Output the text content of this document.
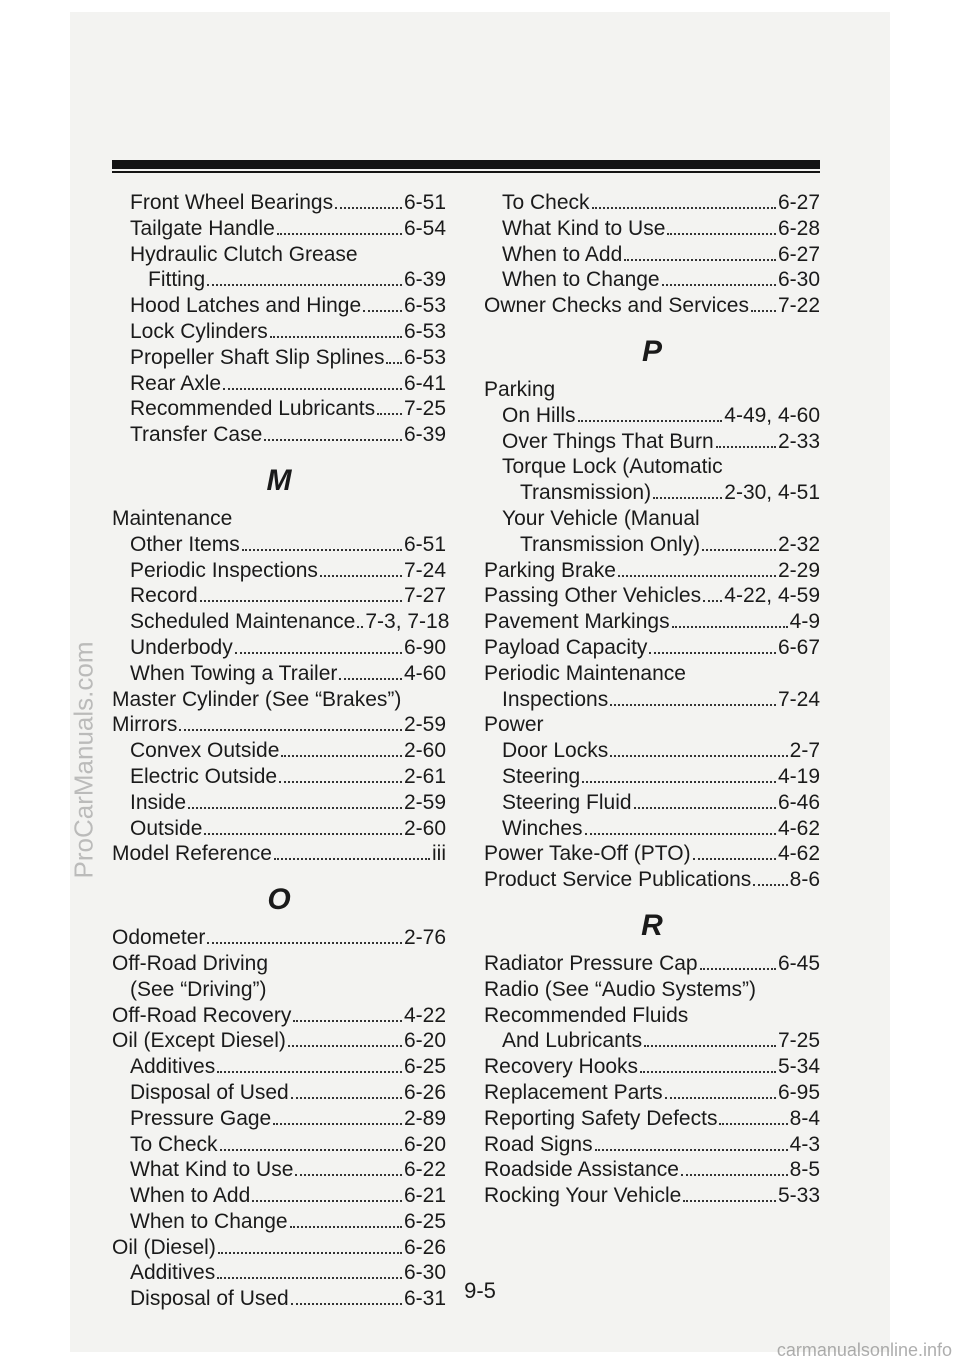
Front Wheel Bearings	6-51
Tailgate Handle	6-54
Hydraulic Clutch Grease
Fitting	6-39
Hood Latches and Hinge 6-53
Lock Cylinders	6-53
Propeller Shaft Slip Splines 6-53
Rear Axle	6-41
Recommended Lubricants 7-25
Transfer Case	6-39
M
Maintenance
Other Items	6-51
Periodic Inspections	7-24
Record	7-27
Scheduled Maintenance 7-3, 7-18
Underbody	6-90
When Towing a Trailer	4-60
Master Cylinder (See “Brakes”)
Mirrors	2-59
Convex Outside	2-60
Electric Outside	2-61
Inside	2-59
Outside	2-60
Model Reference	iii
O
Odometer	2-76
Off-Road Driving
(See “Driving”)
Off-Road Recovery	4-22
Oil (Except Diesel)	6-20
Additives	6-25
Disposal of Used	6-26
Pressure Gage	2-89
To Check	6-20
What Kind to Use	6-22
When to Add	6-21
When to Change	6-25
Oil (Diesel)	6-26
Additives	6-30
Disposal of Used	6-31
To Check	6-27
What Kind to Use	6-28
When to Add	6-27
When to Change	6-30
Owner Checks and Services 7-22
P
Parking
On Hills	4-49, 4-60
Over Things That Burn	2-33
Torque Lock (Automatic
Transmission)	2-30, 4-51
Your Vehicle (Manual
Transmission Only)	2-32
Parking Brake	2-29
Passing Other Vehicles 4-22, 4-59
Pavement Markings	4-9
Payload Capacity	6-67
Periodic Maintenance
Inspections	7-24
Power
Door Locks	2-7
Steering	4-19
Steering Fluid	6-46
Winches	4-62
Power Take-Off (PTO)	4-62
Product Service Publications 8-6
R
Radiator Pressure Cap	6-45
Radio (See “Audio Systems”)
Recommended Fluids
And Lubricants	7-25
Recovery Hooks	5-34
Replacement Parts	6-95
Reporting Safety Defects	8-4
Road Signs	4-3
Roadside Assistance	8-5
Rocking Your Vehicle	5-33
9-5
ProCarManuals.com
carmanualsonline.info
